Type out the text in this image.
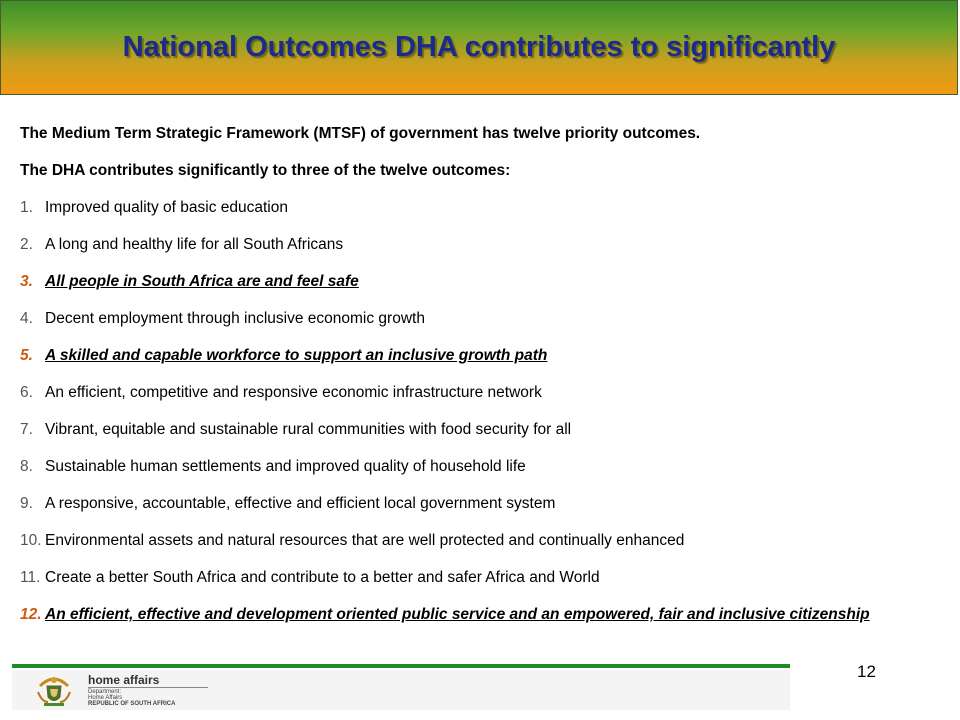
National Outcomes DHA contributes to significantly
The Medium Term Strategic Framework (MTSF) of government has twelve priority outcomes.
The DHA contributes significantly to three of the twelve outcomes:
1. Improved quality of basic education
2. A long and healthy life for all South Africans
3. All people in South Africa are and feel safe
4. Decent employment through inclusive economic growth
5. A skilled and capable workforce to support an inclusive growth path
6. An efficient, competitive and responsive economic infrastructure network
7. Vibrant, equitable and sustainable rural communities with food security for all
8. Sustainable human settlements and improved quality of household life
9. A responsive, accountable, effective and efficient local government system
10. Environmental assets and natural resources that are well protected and continually enhanced
11. Create a better South Africa and contribute to a better and safer Africa and World
12. An efficient, effective and development oriented public service and an empowered, fair and inclusive citizenship
12
home affairs
Department:
Home Affairs
REPUBLIC OF SOUTH AFRICA
